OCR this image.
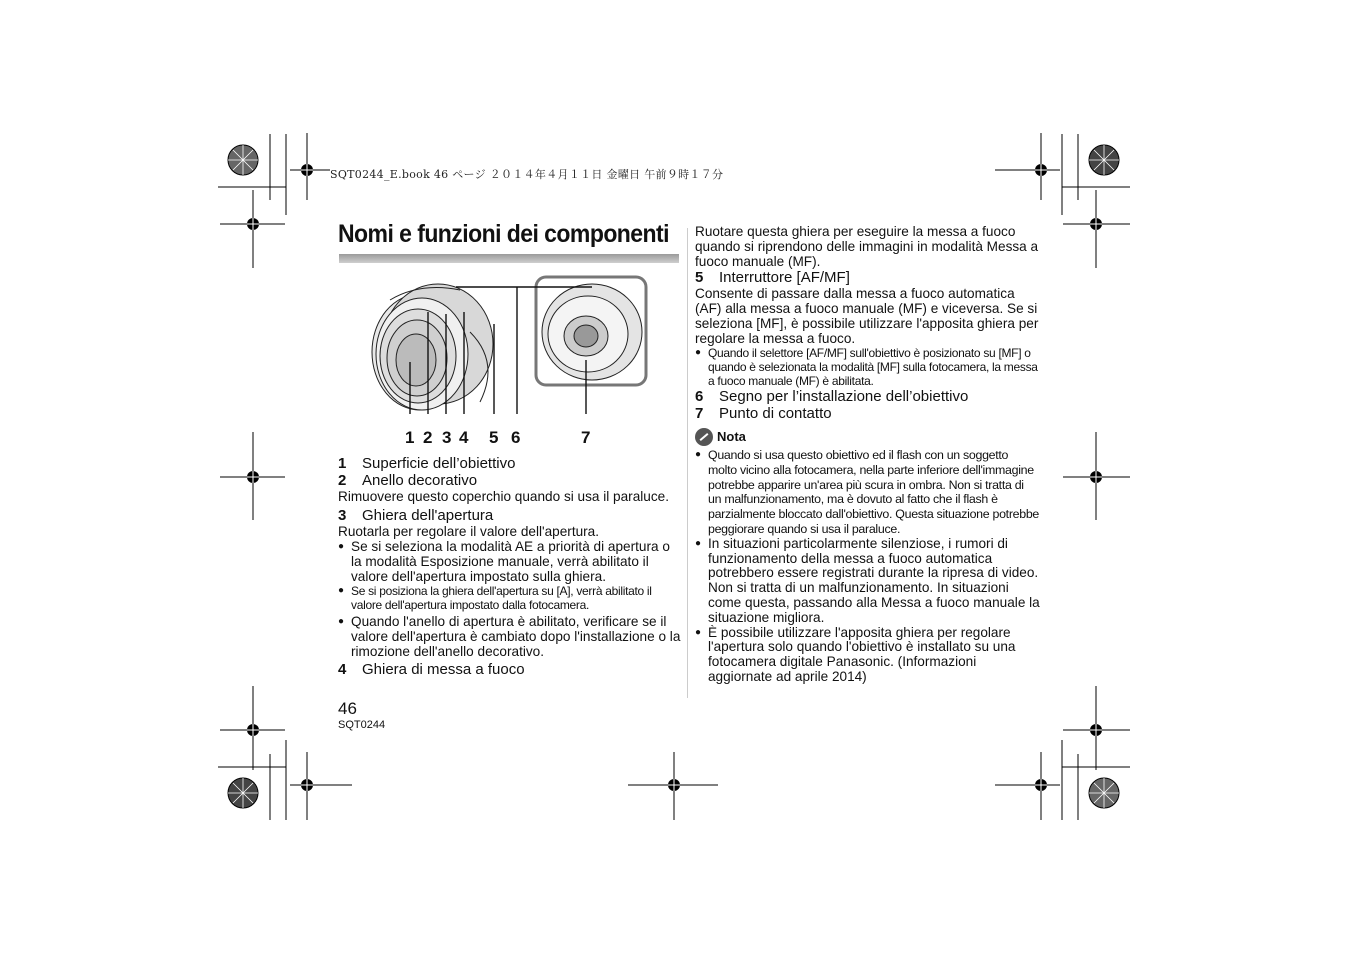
SQT0244_E.book 46 ページ ２０１４年４月１１日 金曜日 午前９時１７分
Nomi e funzioni dei componenti
1 2 3 4 5 6	7
1	Superficie dell’obiettivo
2	Anello decorativo
Rimuovere questo coperchio quando si usa il paraluce.
3	Ghiera dell'apertura
Ruotarla per regolare il valore dell'apertura.
● Se si seleziona la modalità AE a priorità di apertura o la modalità Esposizione manuale, verrà abilitato il valore dell'apertura impostato sulla ghiera.
● Se si posiziona la ghiera dell'apertura su [A], verrà abilitato il valore dell'apertura impostato dalla fotocamera.
● Quando l'anello di apertura è abilitato, verificare se il valore dell'apertura è cambiato dopo l'installazione o la rimozione dell'anello decorativo.
4	Ghiera di messa a fuoco
Ruotare questa ghiera per eseguire la messa a fuoco quando si riprendono delle immagini in modalità Messa a fuoco manuale (MF).
5	Interruttore [AF/MF]
Consente di passare dalla messa a fuoco automatica (AF) alla messa a fuoco manuale (MF) e viceversa. Se si seleziona [MF], è possibile utilizzare l'apposita ghiera per regolare la messa a fuoco.
● Quando il selettore [AF/MF] sull'obiettivo è posizionato su [MF] o quando è selezionata la modalità [MF] sulla fotocamera, la messa a fuoco manuale (MF) è abilitata.
6	Segno per l’installazione dell’obiettivo
7	Punto di contatto
Nota
● Quando si usa questo obiettivo ed il flash con un soggetto molto vicino alla fotocamera, nella parte inferiore dell'immagine potrebbe apparire un'area più scura in ombra. Non si tratta di un malfunzionamento, ma è dovuto al fatto che il flash è parzialmente bloccato dall'obiettivo. Questa situazione potrebbe peggiorare quando si usa il paraluce.
● In situazioni particolarmente silenziose, i rumori di funzionamento della messa a fuoco automatica potrebbero essere registrati durante la ripresa di video. Non si tratta di un malfunzionamento. In situazioni come questa, passando alla Messa a fuoco manuale la situazione migliora.
● È possibile utilizzare l'apposita ghiera per regolare l'apertura solo quando l'obiettivo è installato su una fotocamera digitale Panasonic. (Informazioni aggiornate ad aprile 2014)
46
SQT0244
